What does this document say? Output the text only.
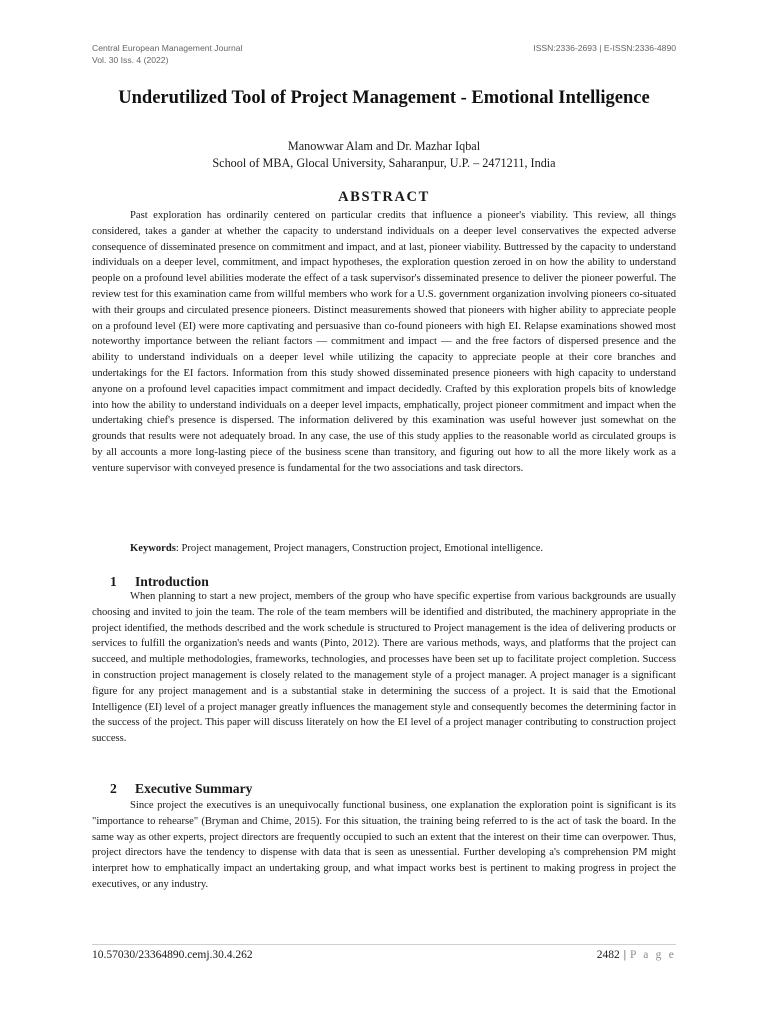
Central European Management Journal
Vol. 30 Iss. 4 (2022)
ISSN:2336-2693 | E-ISSN:2336-4890
Underutilized Tool of Project Management - Emotional Intelligence
Manowwar Alam and Dr. Mazhar Iqbal
School of MBA, Glocal University, Saharanpur, U.P. – 2471211, India
ABSTRACT

Past exploration has ordinarily centered on particular credits that influence a pioneer's viability. This review, all things considered, takes a gander at whether the capacity to understand individuals on a deeper level conservatives the expected adverse consequence of disseminated presence on commitment and impact, and at last, pioneer viability. Buttressed by the capacity to understand individuals on a deeper level, commitment, and impact hypotheses, the exploration question zeroed in on how the ability to understand people on a profound level abilities moderate the effect of a task supervisor's disseminated presence to deliver the pioneer powerful. The review test for this examination came from willful members who work for a U.S. government organization involving pioneers co-situated with their groups and circulated presence pioneers. Distinct measurements showed that pioneers with higher ability to appreciate people on a profound level (EI) were more captivating and persuasive than co-found pioneers with high EI. Relapse examinations showed most noteworthy importance between the reliant factors — commitment and impact — and the free factors of dispersed presence and the ability to understand individuals on a deeper level while utilizing the capacity to appreciate people at their core branches and undertakings for the EI factors. Information from this study showed disseminated presence pioneers with high capacity to understand anyone on a profound level capacities impact commitment and impact decidedly. Crafted by this exploration propels bits of knowledge into how the ability to understand individuals on a deeper level impacts, emphatically, project pioneer commitment and impact when the undertaking chief's presence is dispersed. The information delivered by this examination was useful however just somewhat on the grounds that results were not adequately broad. In any case, the use of this study applies to the reasonable world as circulated groups is by all accounts a more long-lasting piece of the business scene than transitory, and figuring out how to all the more likely work as a venture supervisor with conveyed presence is fundamental for the two associations and task directors.

Keywords: Project management, Project managers, Construction project, Emotional intelligence.
1 Introduction

When planning to start a new project, members of the group who have specific expertise from various backgrounds are usually choosing and invited to join the team. The role of the team members will be identified and distributed, the machinery appropriate in the project identified, the methods described and the work schedule is structured to Project management is the idea of delivering products or services to fulfill the organization's needs and wants (Pinto, 2012). There are various methods, ways, and platforms that the project can succeed, and multiple methodologies, frameworks, technologies, and processes have been set up to facilitate project completion. Success in construction project management is closely related to the management style of a project manager. A project manager is a significant figure for any project management and is a substantial stake in determining the success of a project. It is said that the Emotional Intelligence (EI) level of a project manager greatly influences the management style and consequently becomes the determining factor in the success of the project. This paper will discuss literately on how the EI level of a project manager contributing to construction project success.

2 Executive Summary

Since project the executives is an unequivocally functional business, one explanation the exploration point is significant is its "importance to rehearse" (Bryman and Chime, 2015). For this situation, the training being referred to is the act of task the board. In the same way as other experts, project directors are frequently occupied to such an extent that the interest on their time can overpower. Thus, project directors have the tendency to dispense with data that is seen as unessential. Further developing a's comprehension PM might interpret how to emphatically impact an undertaking group, and what impact works best is pertinent to making progress in project the executives, or any industry.

10.57030/23364890.cemj.30.4.262	2482 | P a g e
